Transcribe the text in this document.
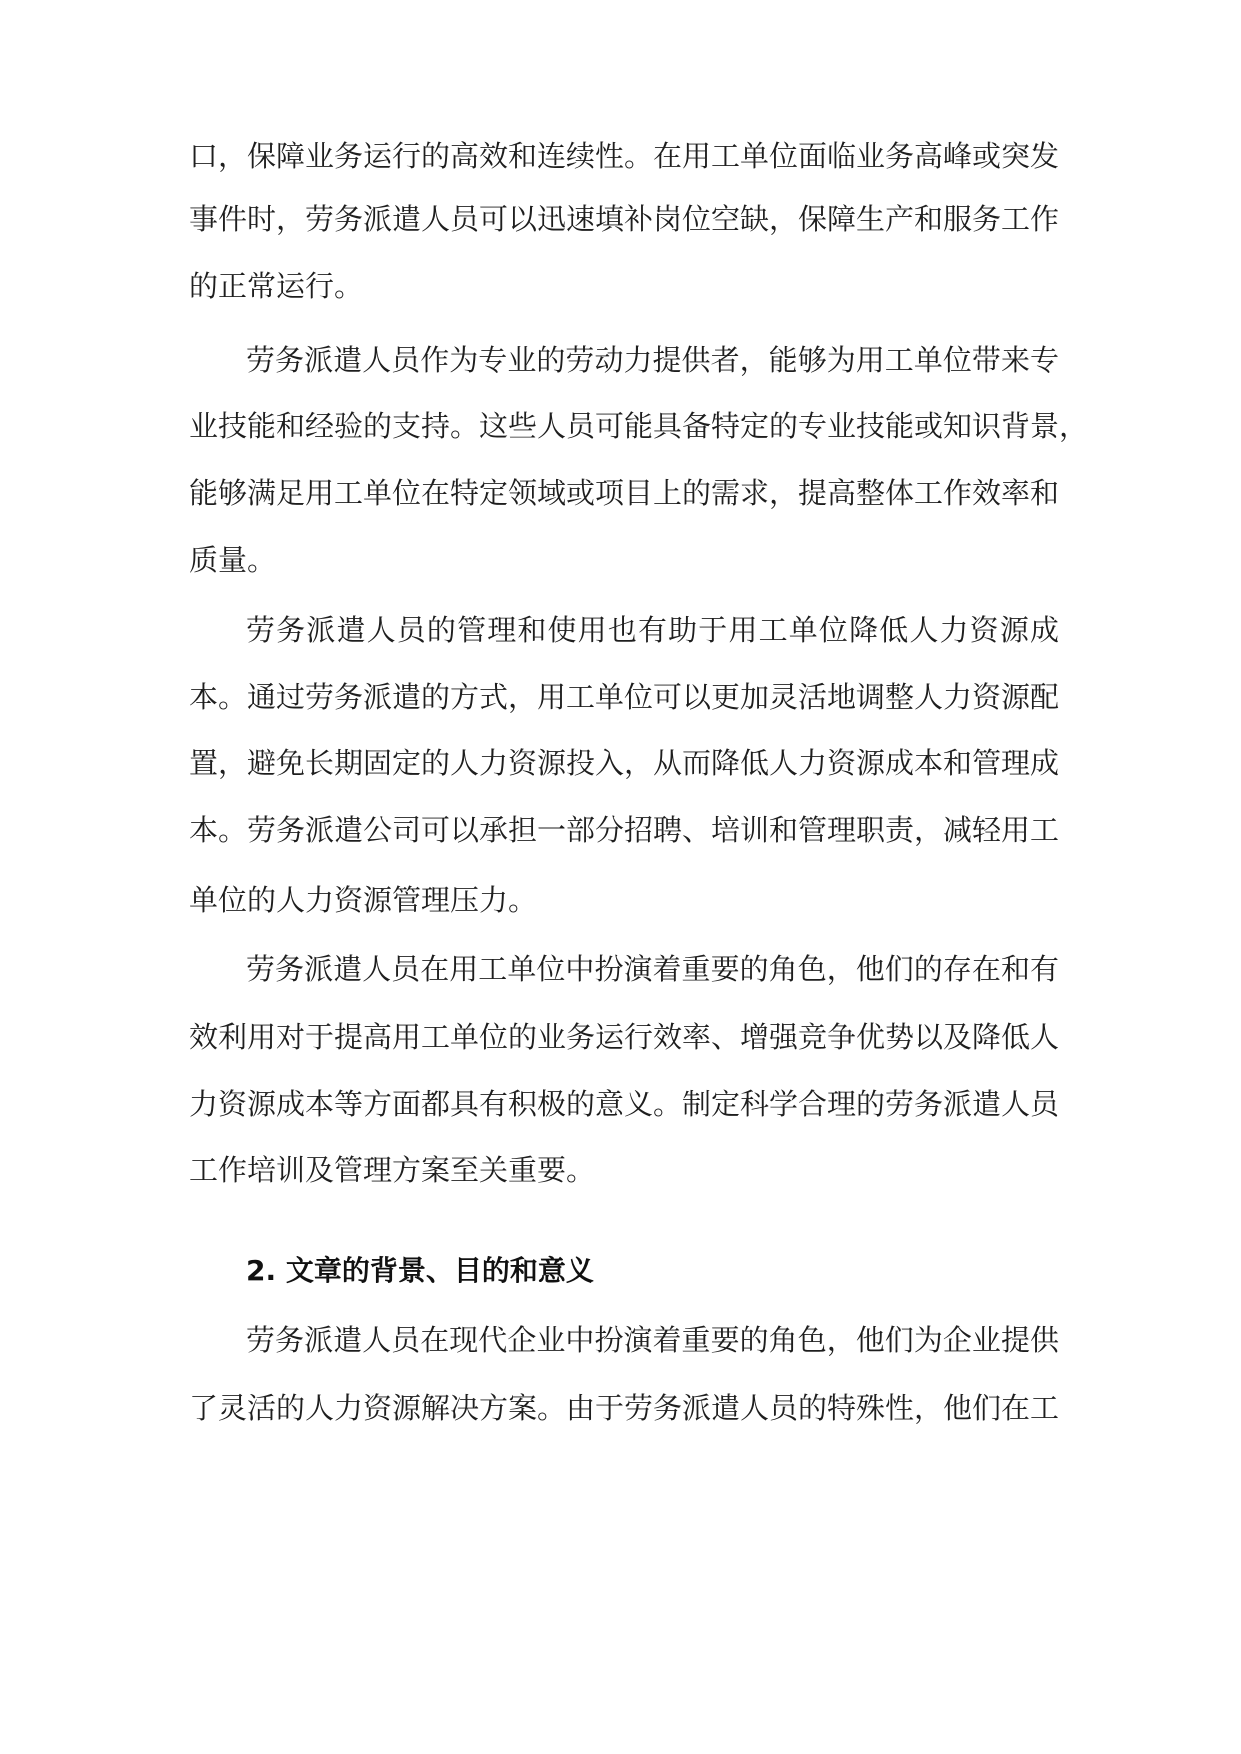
口，保障业务运行的高效和连续性。在用工单位面临业务高峰或突发
事件时，劳务派遣人员可以迅速填补岗位空缺，保障生产和服务工作
的正常运行。
劳务派遣人员作为专业的劳动力提供者，能够为用工单位带来专
业技能和经验的支持。这些人员可能具备特定的专业技能或知识背景，
能够满足用工单位在特定领域或项目上的需求，提高整体工作效率和
质量。
劳务派遣人员的管理和使用也有助于用工单位降低人力资源成
本。通过劳务派遣的方式，用工单位可以更加灵活地调整人力资源配
置，避免长期固定的人力资源投入，从而降低人力资源成本和管理成
本。劳务派遣公司可以承担一部分招聘、培训和管理职责，减轻用工
单位的人力资源管理压力。
劳务派遣人员在用工单位中扮演着重要的角色，他们的存在和有
效利用对于提高用工单位的业务运行效率、增强竞争优势以及降低人
力资源成本等方面都具有积极的意义。制定科学合理的劳务派遣人员
工作培训及管理方案至关重要。
2. 文章的背景、目的和意义
劳务派遣人员在现代企业中扮演着重要的角色，他们为企业提供
了灵活的人力资源解决方案。由于劳务派遣人员的特殊性，他们在工
